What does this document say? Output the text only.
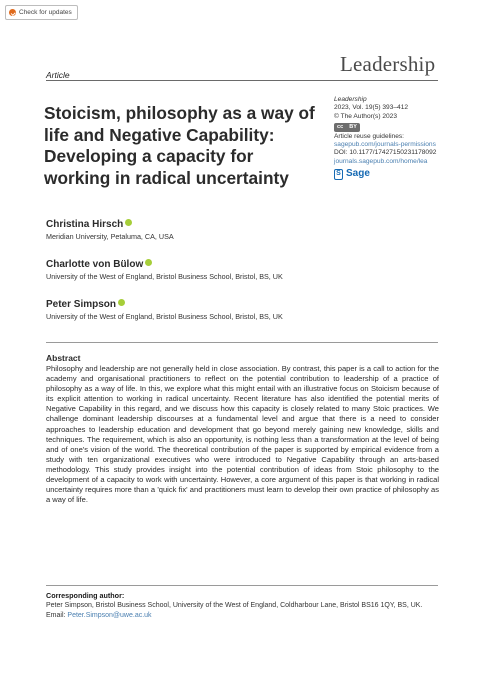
Check for updates
Article	Leadership
Stoicism, philosophy as a way of life and Negative Capability: Developing a capacity for working in radical uncertainty
Leadership
2023, Vol. 19(5) 393–412
© The Author(s) 2023
cc BY
Article reuse guidelines:
sagepub.com/journals-permissions
DOI: 10.1177/17427150231178092
journals.sagepub.com/home/lea
S Sage
Christina Hirsch
Meridian University, Petaluma, CA, USA
Charlotte von Bülow
University of the West of England, Bristol Business School, Bristol, BS, UK
Peter Simpson
University of the West of England, Bristol Business School, Bristol, BS, UK
Abstract

Philosophy and leadership are not generally held in close association. By contrast, this paper is a call to action for the academy and organisational practitioners to reflect on the potential contribution to leadership of a practice of philosophy as a way of life. In this, we explore what this might entail with an illustrative focus on Stoicism because of its explicit attention to working in radical uncertainty. Recent literature has also identified the potential merits of Negative Capability in this regard, and we discuss how this capacity is closely related to many Stoic practices. We challenge dominant leadership discourses at a fundamental level and argue that there is a need to consider approaches to leadership education and development that go beyond merely gaining new knowledge, skills and techniques. The requirement, which is also an opportunity, is nothing less than a transformation at the level of being and of one's vision of the world. The theoretical contribution of the paper is supported by empirical evidence from a study with ten organizational executives who were introduced to Negative Capability through an arts-based methodology. This study provides insight into the potential contribution of ideas from Stoic philosophy to the development of a capacity to work with uncertainty. However, a core argument of this paper is that working in radical uncertainty requires more than a 'quick fix' and practitioners must learn to develop their own practice of philosophy as a way of life.

Corresponding author:
Peter Simpson, Bristol Business School, University of the West of England, Coldharbour Lane, Bristol BS16 1QY, BS, UK.
Email: Peter.Simpson@uwe.ac.uk
